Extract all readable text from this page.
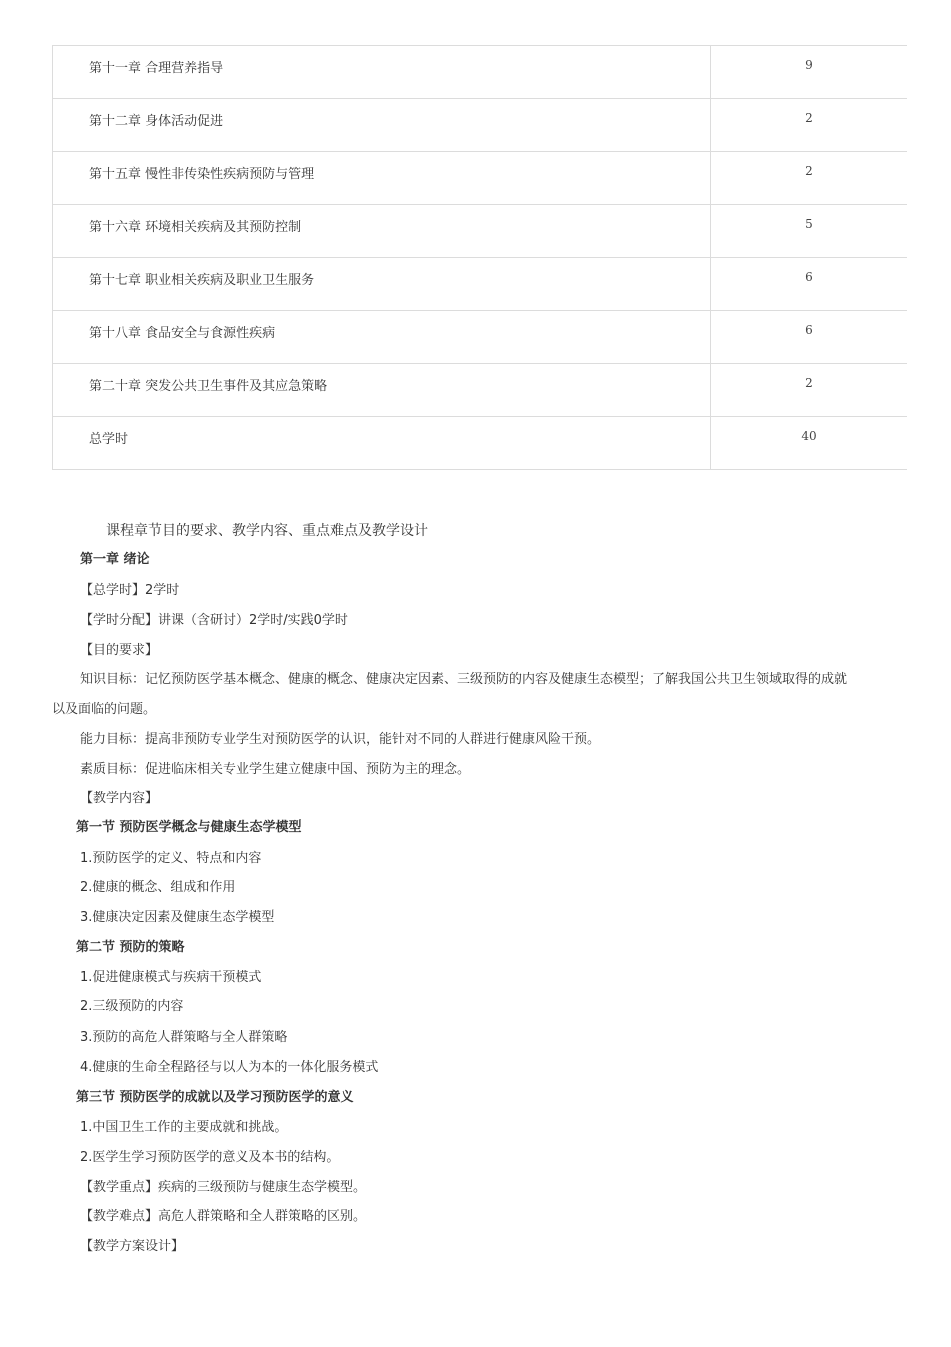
第十一章 合理营养指导	9
第十二章 身体活动促进	2
第十五章 慢性非传染性疾病预防与管理	2
第十六章 环境相关疾病及其预防控制	5
第十七章 职业相关疾病及职业卫生服务	6
第十八章 食品安全与食源性疾病	6
第二十章 突发公共卫生事件及其应急策略	2
总学时	40
课程章节目的要求、教学内容、重点难点及教学设计
第一章 绪论
【总学时】2学时
【学时分配】讲课（含研讨）2学时/实践0学时
【目的要求】
知识目标：记忆预防医学基本概念、健康的概念、健康决定因素、三级预防的内容及健康生态模型；了解我国公共卫生领域取得的成就
以及面临的问题。
能力目标：提高非预防专业学生对预防医学的认识，能针对不同的人群进行健康风险干预。
素质目标：促进临床相关专业学生建立健康中国、预防为主的理念。
【教学内容】
第一节 预防医学概念与健康生态学模型
1.预防医学的定义、特点和内容
2.健康的概念、组成和作用
3.健康决定因素及健康生态学模型
第二节 预防的策略
1.促进健康模式与疾病干预模式
2.三级预防的内容
3.预防的高危人群策略与全人群策略
4.健康的生命全程路径与以人为本的一体化服务模式
第三节 预防医学的成就以及学习预防医学的意义
1.中国卫生工作的主要成就和挑战。
2.医学生学习预防医学的意义及本书的结构。
【教学重点】疾病的三级预防与健康生态学模型。
【教学难点】高危人群策略和全人群策略的区别。
【教学方案设计】
